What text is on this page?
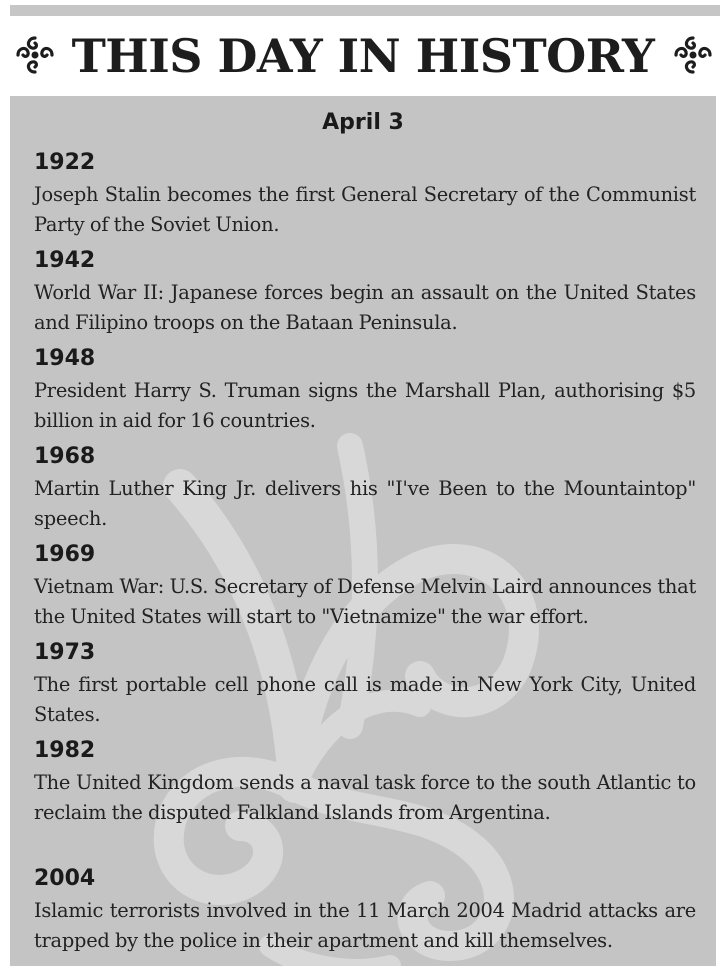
THIS DAY IN HISTORY
April 3
1922
Joseph Stalin becomes the first General Secretary of the Communist Party of the Soviet Union.
1942
World War II: Japanese forces begin an assault on the United States and Filipino troops on the Bataan Peninsula.
1948
President Harry S. Truman signs the Marshall Plan, authorising $5 billion in aid for 16 countries.
1968
Martin Luther King Jr. delivers his "I've Been to the Mountaintop" speech.
1969
Vietnam War: U.S. Secretary of Defense Melvin Laird announces that the United States will start to "Vietnamize" the war effort.
1973
The first portable cell phone call is made in New York City, United States.
1982
The United Kingdom sends a naval task force to the south Atlantic to reclaim the disputed Falkland Islands from Argentina.
2004
Islamic terrorists involved in the 11 March 2004 Madrid attacks are trapped by the police in their apartment and kill themselves.
